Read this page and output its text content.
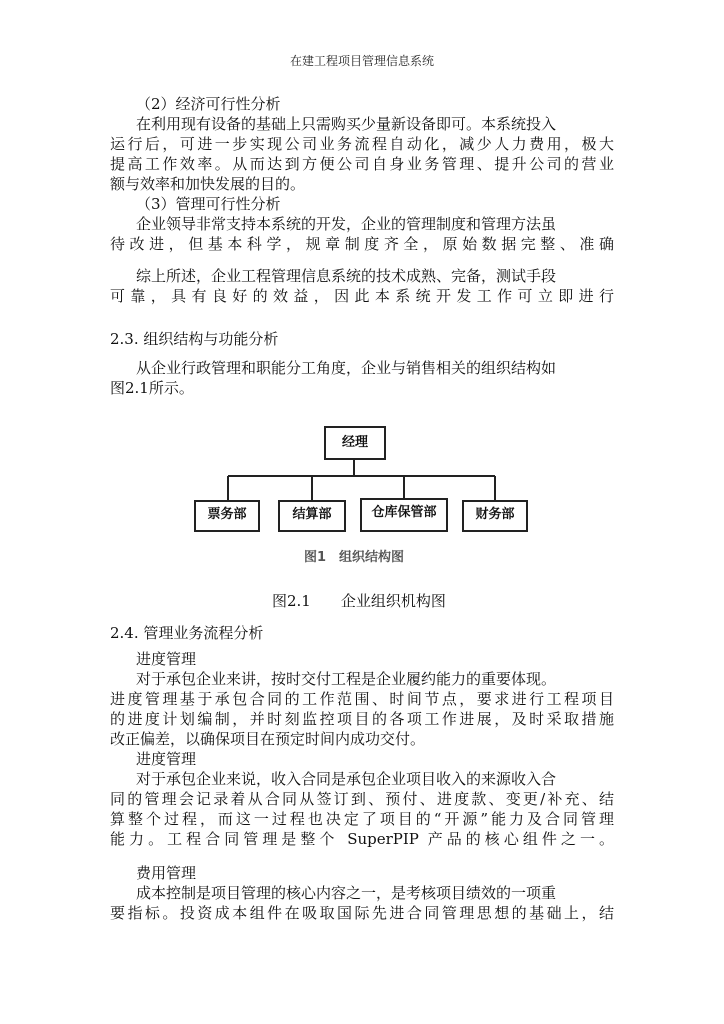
在建工程项目管理信息系统
（2）经济可行性分析
在利用现有设备的基础上只需购买少量新设备即可。本系统投入
运行后，可进一步实现公司业务流程自动化，减少人力费用，极大
提高工作效率。从而达到方便公司自身业务管理、提升公司的营业
额与效率和加快发展的目的。
（3）管理可行性分析
企业领导非常支持本系统的开发，企业的管理制度和管理方法虽
待改进，但基本科学，规章制度齐全，原始数据完整、准确
综上所述，企业工程管理信息系统的技术成熟、完备，测试手段
可靠，具有良好的效益，因此本系统开发工作可立即进行
2.3. 组织结构与功能分析
从企业行政管理和职能分工角度，企业与销售相关的组织结构如
图2.1所示。
经理
票务部	结算部	仓库保管部	财务部
图1　组织结构图
图2.1　　企业组织机构图
2.4. 管理业务流程分析
进度管理
对于承包企业来讲，按时交付工程是企业履约能力的重要体现。
进度管理基于承包合同的工作范围、时间节点，要求进行工程项目
的进度计划编制，并时刻监控项目的各项工作进展，及时采取措施
改正偏差，以确保项目在预定时间内成功交付。
进度管理
对于承包企业来说，收入合同是承包企业项目收入的来源收入合
同的管理会记录着从合同从签订到、预付、进度款、变更/补充、结
算整个过程，而这一过程也决定了项目的“开源”能力及合同管理
能力。工程合同管理是整个 SuperPIP 产品的核心组件之一。
费用管理
成本控制是项目管理的核心内容之一，是考核项目绩效的一项重
要指标。投资成本组件在吸取国际先进合同管理思想的基础上，结
